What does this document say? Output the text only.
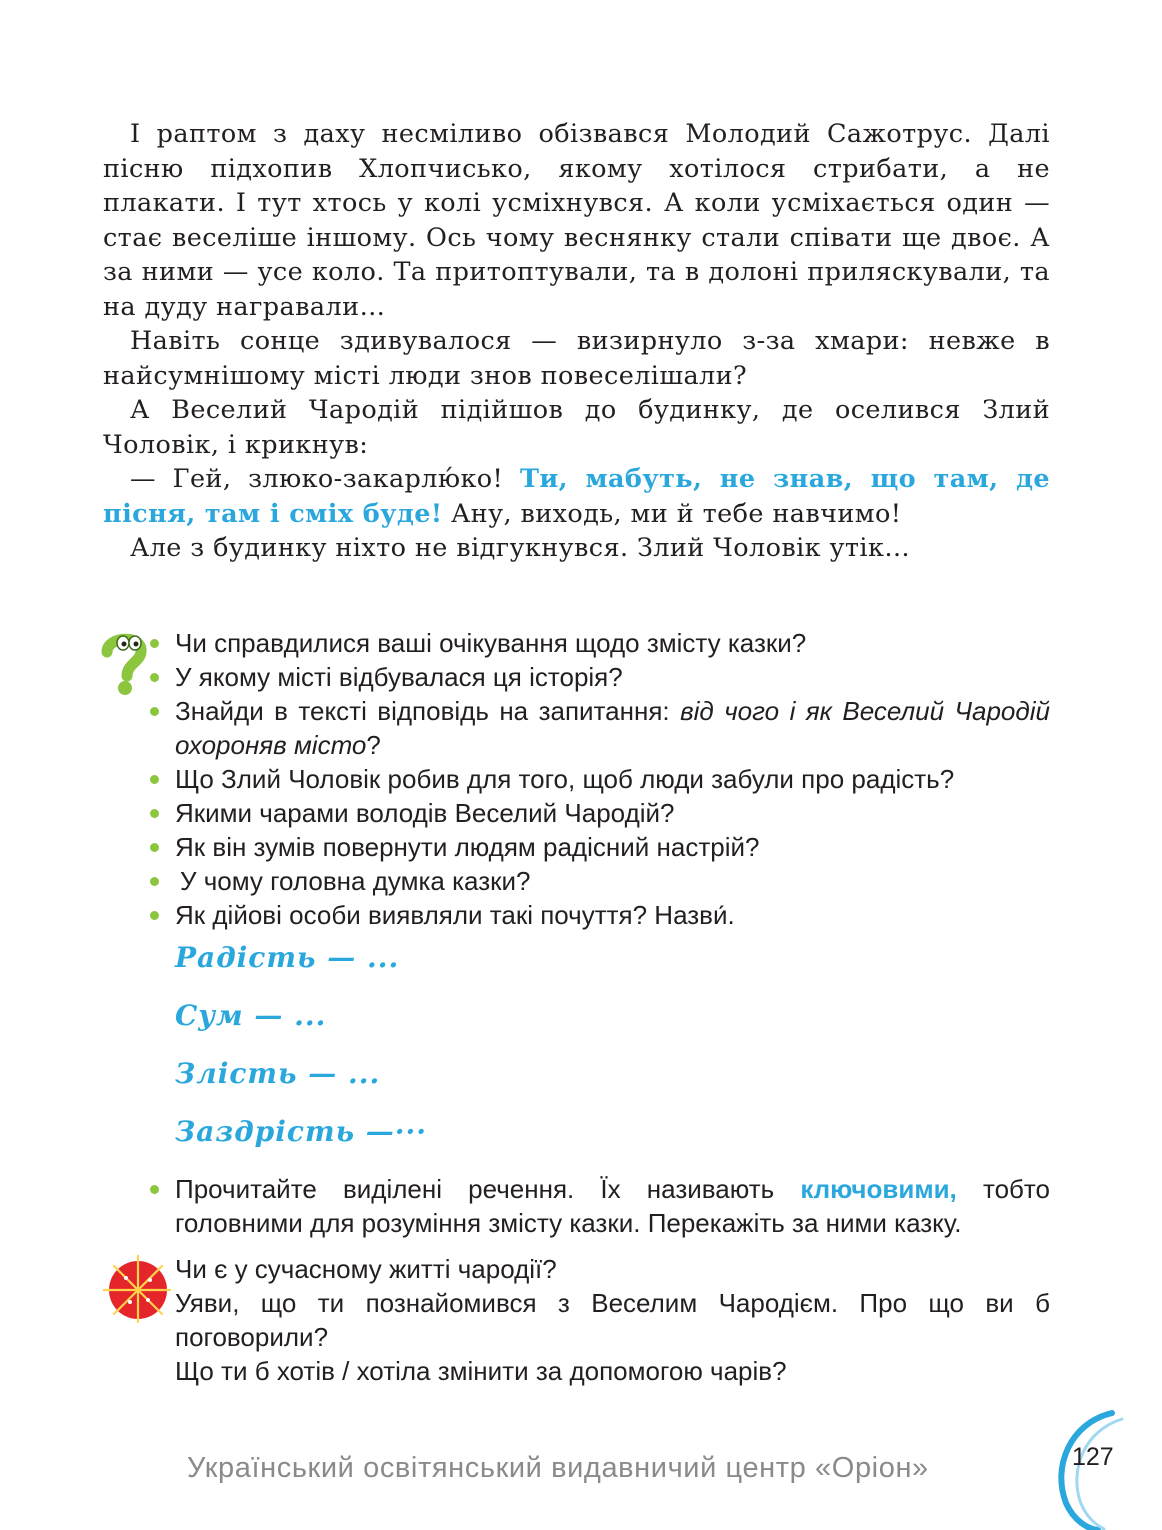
І раптом з даху несміливо обізвався Молодий Сажотрус. Далі пісню підхопив Хлопчисько, якому хотілося стрибати, а не плакати. І тут хтось у колі усміхнувся. А коли усміхається один — стає веселіше іншому. Ось чому веснянку стали співати ще двоє. А за ними — усе коло. Та притоптували, та в долоні приляскували, та на дуду награвали…

Навіть сонце здивувалося — визирнуло з-за хмари: невже в найсумнішому місті люди знов повеселішали?

А Веселий Чародій підійшов до будинку, де оселився Злий Чоловік, і крикнув:

— Гей, злюко-закарлю́ко! Ти, мабуть, не знав, що там, де пісня, там і сміх буде! Ану, виходь, ми й тебе навчимо!

Але з будинку ніхто не відгукнувся. Злий Чоловік утік…

Чи справдилися ваші очікування щодо змісту казки?
У якому місті відбувалася ця історія?
Знайди в тексті відповідь на запитання: від чого і як Веселий Чародій охороняв місто?
Що Злий Чоловік робив для того, щоб люди забули про радість?
Якими чарами володів Веселий Чародій?
Як він зумів повернути людям радісний настрій?
У чому головна думка казки?
Як дійові особи виявляли такі почуття? Назви́.
Радість — ...
Сум — ...
Злість — ...
Заздрість —···
Прочитайте виділені речення. Їх називають ключовими, тобто головними для розуміння змісту казки. Перекажіть за ними казку.

Чи є у сучасному житті чародії?

Уяви, що ти познайомився з Веселим Чародієм. Про що ви б поговорили?

Що ти б хотів / хотіла змінити за допомогою чарів?

Український освітянський видавничий центр «Оріон»	127
